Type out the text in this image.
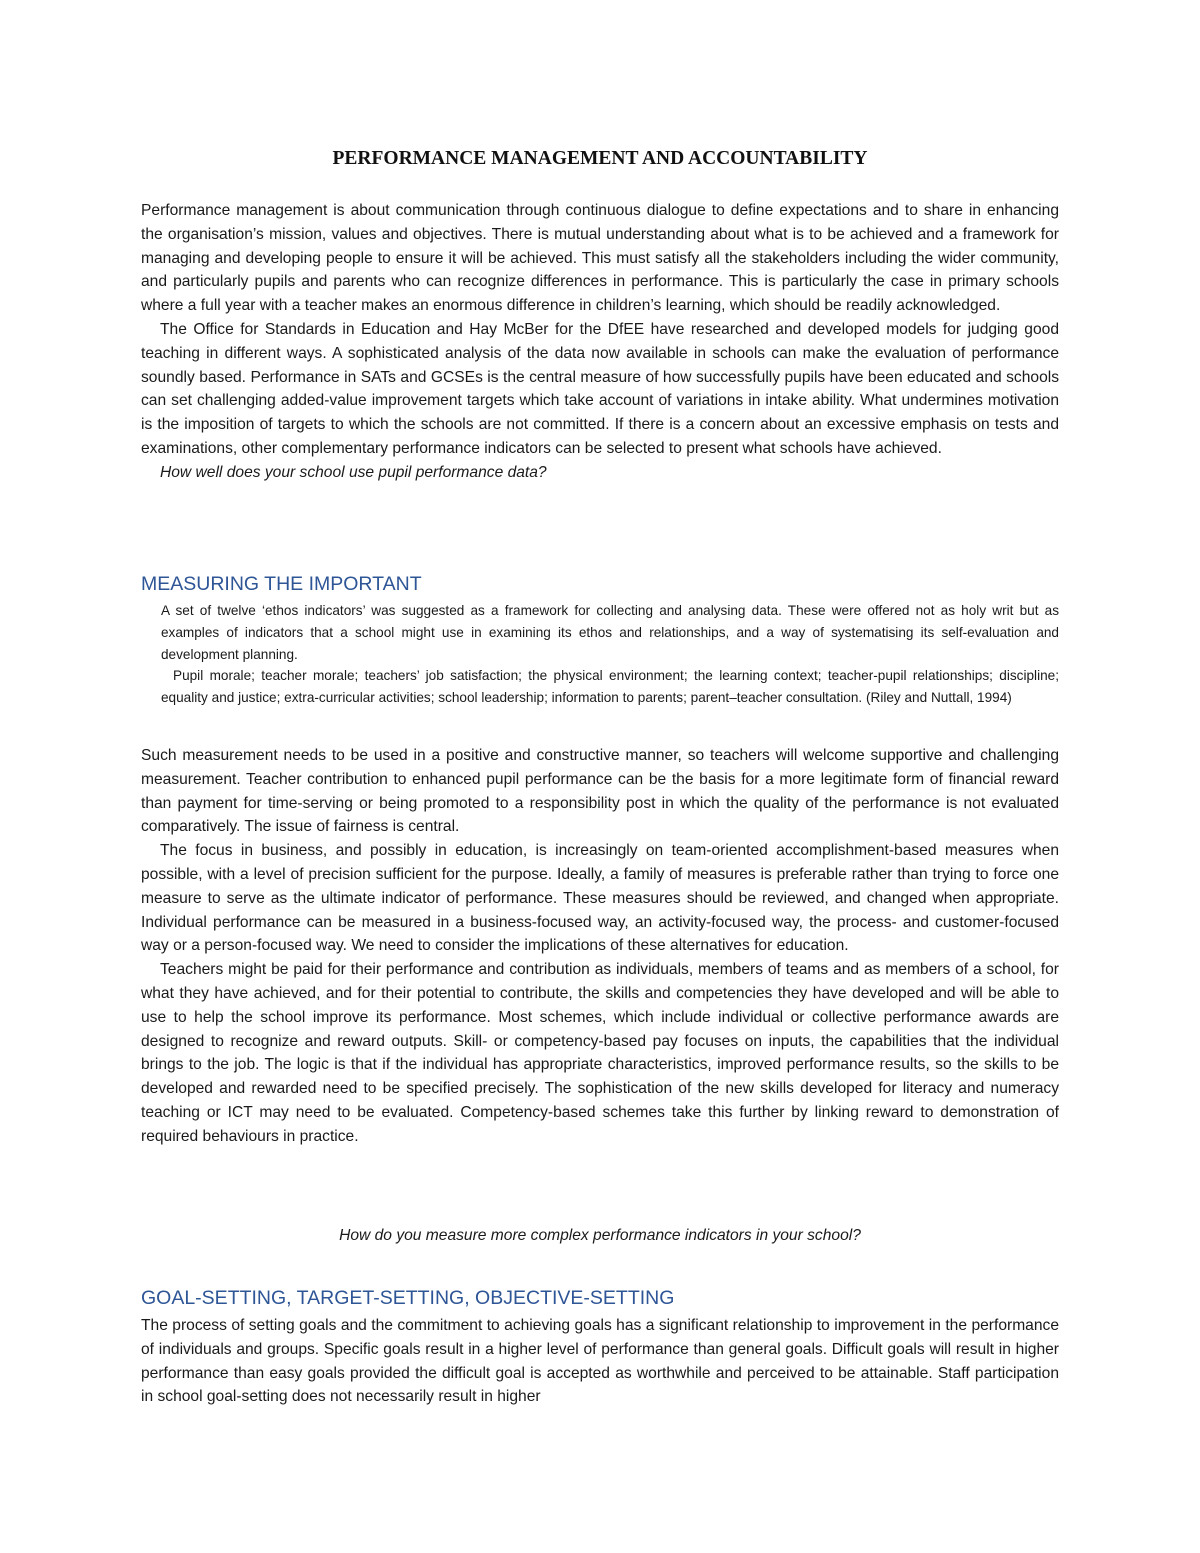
PERFORMANCE MANAGEMENT AND ACCOUNTABILITY

Performance management is about communication through continuous dialogue to define expectations and to share in enhancing the organisation’s mission, values and objectives. There is mutual understanding about what is to be achieved and a framework for managing and developing people to ensure it will be achieved. This must satisfy all the stakeholders including the wider community, and particularly pupils and parents who can recognize differences in performance. This is particularly the case in primary schools where a full year with a teacher makes an enormous difference in children’s learning, which should be readily acknowledged.

The Office for Standards in Education and Hay McBer for the DfEE have researched and developed models for judging good teaching in different ways. A sophisticated analysis of the data now available in schools can make the evaluation of performance soundly based. Performance in SATs and GCSEs is the central measure of how successfully pupils have been educated and schools can set challenging added-value improvement targets which take account of variations in intake ability. What undermines motivation is the imposition of targets to which the schools are not committed. If there is a concern about an excessive emphasis on tests and examinations, other complementary performance indicators can be selected to present what schools have achieved.

How well does your school use pupil performance data?

MEASURING THE IMPORTANT

A set of twelve ‘ethos indicators’ was suggested as a framework for collecting and analysing data. These were offered not as holy writ but as examples of indicators that a school might use in examining its ethos and relationships, and a way of systematising its self-evaluation and development planning.

Pupil morale; teacher morale; teachers’ job satisfaction; the physical environment; the learning context; teacher-pupil relationships; discipline; equality and justice; extra-curricular activities; school leadership; information to parents; parent–teacher consultation. (Riley and Nuttall, 1994)

Such measurement needs to be used in a positive and constructive manner, so teachers will welcome supportive and challenging measurement. Teacher contribution to enhanced pupil performance can be the basis for a more legitimate form of financial reward than payment for time-serving or being promoted to a responsibility post in which the quality of the performance is not evaluated comparatively. The issue of fairness is central.

The focus in business, and possibly in education, is increasingly on team-oriented accomplishment-based measures when possible, with a level of precision sufficient for the purpose. Ideally, a family of measures is preferable rather than trying to force one measure to serve as the ultimate indicator of performance. These measures should be reviewed, and changed when appropriate. Individual performance can be measured in a business-focused way, an activity-focused way, the process- and customer-focused way or a person-focused way. We need to consider the implications of these alternatives for education.

Teachers might be paid for their performance and contribution as individuals, members of teams and as members of a school, for what they have achieved, and for their potential to contribute, the skills and competencies they have developed and will be able to use to help the school improve its performance. Most schemes, which include individual or collective performance awards are designed to recognize and reward outputs. Skill- or competency-based pay focuses on inputs, the capabilities that the individual brings to the job. The logic is that if the individual has appropriate characteristics, improved performance results, so the skills to be developed and rewarded need to be specified precisely. The sophistication of the new skills developed for literacy and numeracy teaching or ICT may need to be evaluated. Competency-based schemes take this further by linking reward to demonstration of required behaviours in practice.

How do you measure more complex performance indicators in your school?

GOAL-SETTING, TARGET-SETTING, OBJECTIVE-SETTING

The process of setting goals and the commitment to achieving goals has a significant relationship to improvement in the performance of individuals and groups. Specific goals result in a higher level of performance than general goals. Difficult goals will result in higher performance than easy goals provided the difficult goal is accepted as worthwhile and perceived to be attainable. Staff participation in school goal-setting does not necessarily result in higher
